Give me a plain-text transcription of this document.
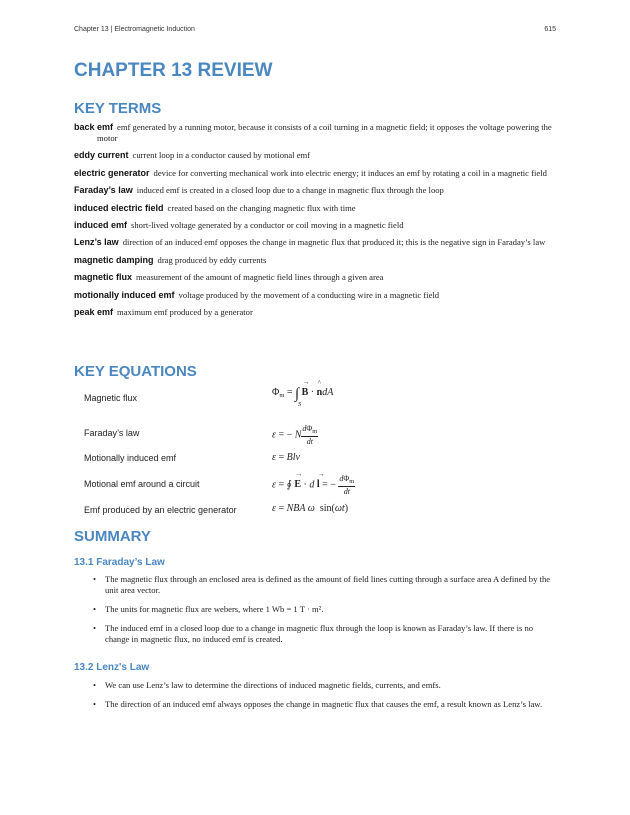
Chapter 13 | Electromagnetic Induction	615
CHAPTER 13 REVIEW
KEY TERMS

back emf emf generated by a running motor, because it consists of a coil turning in a magnetic field; it opposes the voltage powering the motor

eddy current current loop in a conductor caused by motional emf

electric generator device for converting mechanical work into electric energy; it induces an emf by rotating a coil in a magnetic field

Faraday’s law induced emf is created in a closed loop due to a change in magnetic flux through the loop

induced electric field created based on the changing magnetic flux with time

induced emf short-lived voltage generated by a conductor or coil moving in a magnetic field

Lenz’s law direction of an induced emf opposes the change in magnetic flux that produced it; this is the negative sign in Faraday’s law

magnetic damping drag produced by eddy currents

magnetic flux measurement of the amount of magnetic field lines through a given area

motionally induced emf voltage produced by the movement of a conducting wire in a magnetic field

peak emf maximum emf produced by a generator

KEY EQUATIONS
Magnetic flux	$\Phi_m$ = ∫
S
B → · n ^dA
Faraday’s law	ε = − N $\frac{d\Phi_m}{dt}$
Motionally induced emf	ε = Blv
Motional emf around a circuit	ε = ∮ E → · d l → = − $\frac{d\Phi_m}{dt}$
Emf produced by an electric generator	ε = NBA ω  sin(ωt)
SUMMARY
13.1 Faraday’s Law

• The magnetic flux through an enclosed area is defined as the amount of field lines cutting through a surface area A defined by the unit area vector.

• The units for magnetic flux are webers, where 1 Wb = 1 T · m².

• The induced emf in a closed loop due to a change in magnetic flux through the loop is known as Faraday’s law. If there is no change in magnetic flux, no induced emf is created.

13.2 Lenz's Law

• We can use Lenz’s law to determine the directions of induced magnetic fields, currents, and emfs.

• The direction of an induced emf always opposes the change in magnetic flux that causes the emf, a result known as Lenz’s law.
